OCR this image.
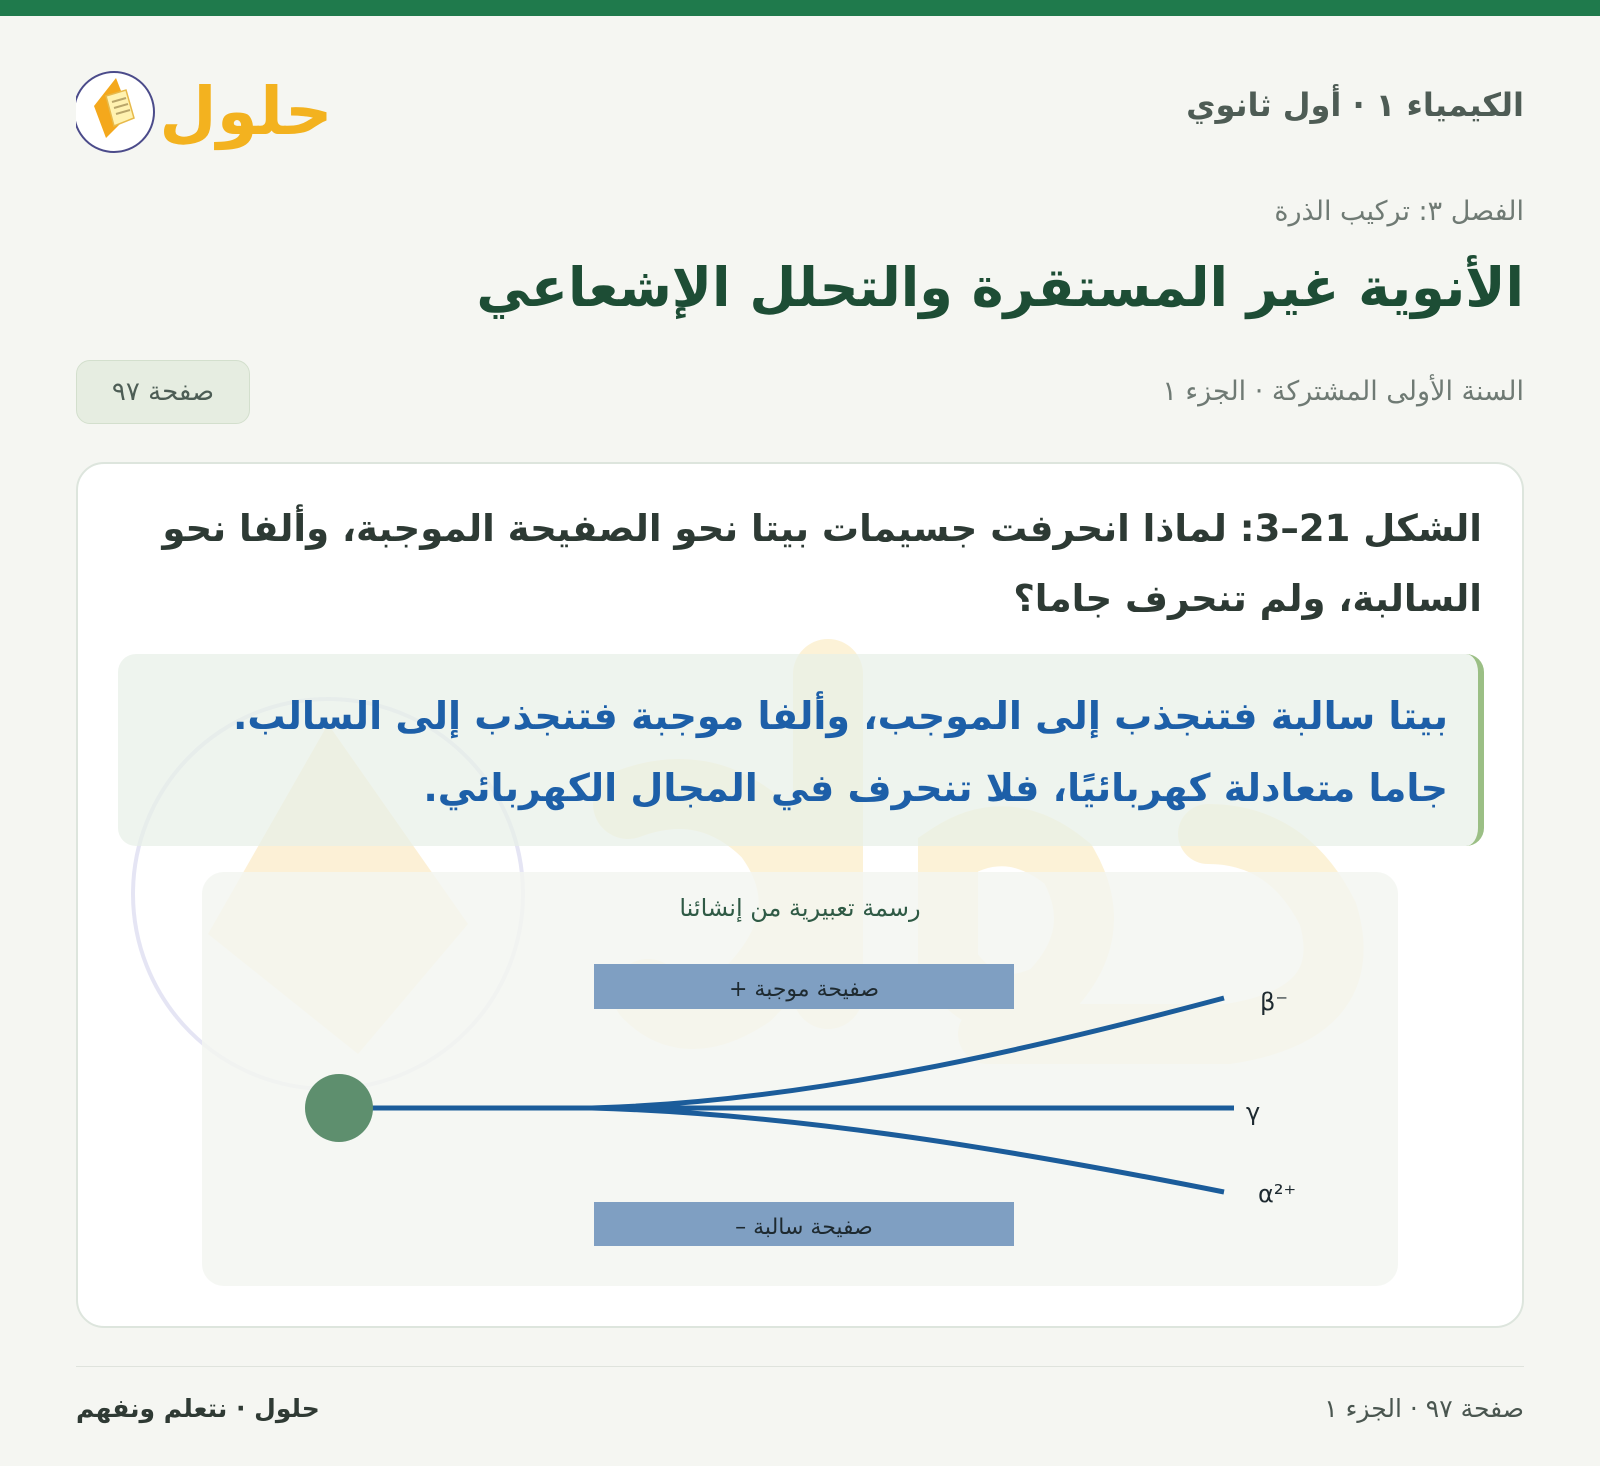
الكيمياء ١ · أول ثانوي
حلول
الفصل ٣: تركيب الذرة
الأنوية غير المستقرة والتحلل الإشعاعي
السنة الأولى المشتركة · الجزء ١
صفحة ٩٧
الشكل 21–3: لماذا انحرفت جسيمات بيتا نحو الصفيحة الموجبة، وألفا نحو السالبة، ولم تنحرف جاما؟

بيتا سالبة فتنجذب إلى الموجب، وألفا موجبة فتنجذب إلى السالب.

جاما متعادلة كهربائيًا، فلا تنحرف في المجال الكهربائي.

رسمة تعبيرية من إنشائنا
صفيحة موجبة +
صفيحة سالبة –
β⁻
γ
α²⁺
صفحة ٩٧ · الجزء ١
حلول · نتعلم ونفهم
